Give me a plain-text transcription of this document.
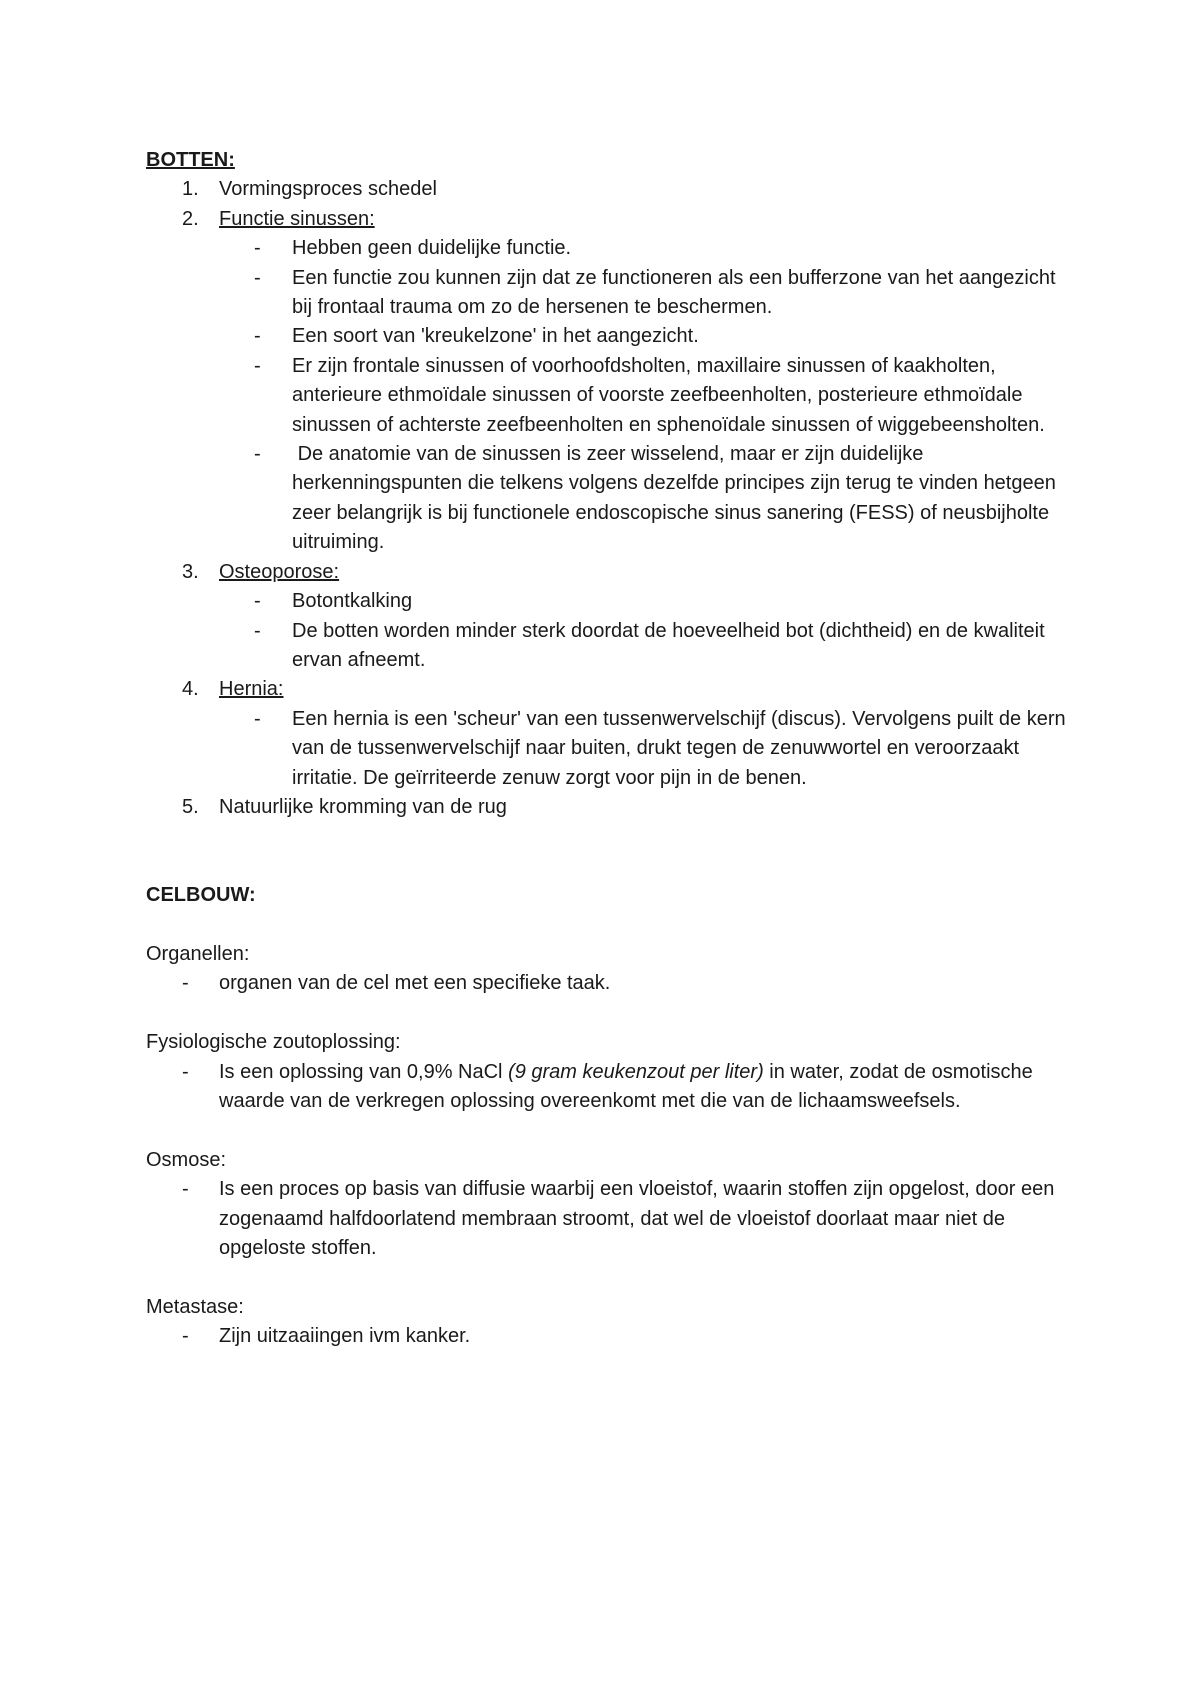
BOTTEN:

1. Vormingsproces schedel

2. Functie sinussen:

- Hebben geen duidelijke functie.

- Een functie zou kunnen zijn dat ze functioneren als een bufferzone van het aangezicht bij frontaal trauma om zo de hersenen te beschermen.

- Een soort van 'kreukelzone' in het aangezicht.

- Er zijn frontale sinussen of voorhoofdsholten, maxillaire sinussen of kaakholten, anterieure ethmoïdale sinussen of voorste zeefbeenholten, posterieure ethmoïdale sinussen of achterste zeefbeenholten en sphenoïdale sinussen of wiggebeensholten.

- De anatomie van de sinussen is zeer wisselend, maar er zijn duidelijke herkenningspunten die telkens volgens dezelfde principes zijn terug te vinden hetgeen zeer belangrijk is bij functionele endoscopische sinus sanering (FESS) of neusbijholte uitruiming.

3. Osteoporose:

- Botontkalking

- De botten worden minder sterk doordat de hoeveelheid bot (dichtheid) en de kwaliteit ervan afneemt.

4. Hernia:

- Een hernia is een 'scheur' van een tussenwervelschijf (discus). Vervolgens puilt de kern van de tussenwervelschijf naar buiten, drukt tegen de zenuwwortel en veroorzaakt irritatie. De geïrriteerde zenuw zorgt voor pijn in de benen.

5. Natuurlijke kromming van de rug

CELBOUW:

Organellen:

- organen van de cel met een specifieke taak.

Fysiologische zoutoplossing:

- Is een oplossing van 0,9% NaCl (9 gram keukenzout per liter) in water, zodat de osmotische waarde van de verkregen oplossing overeenkomt met die van de lichaamsweefsels.

Osmose:

- Is een proces op basis van diffusie waarbij een vloeistof, waarin stoffen zijn opgelost, door een zogenaamd halfdoorlatend membraan stroomt, dat wel de vloeistof doorlaat maar niet de opgeloste stoffen.

Metastase:

- Zijn uitzaaiingen ivm kanker.
